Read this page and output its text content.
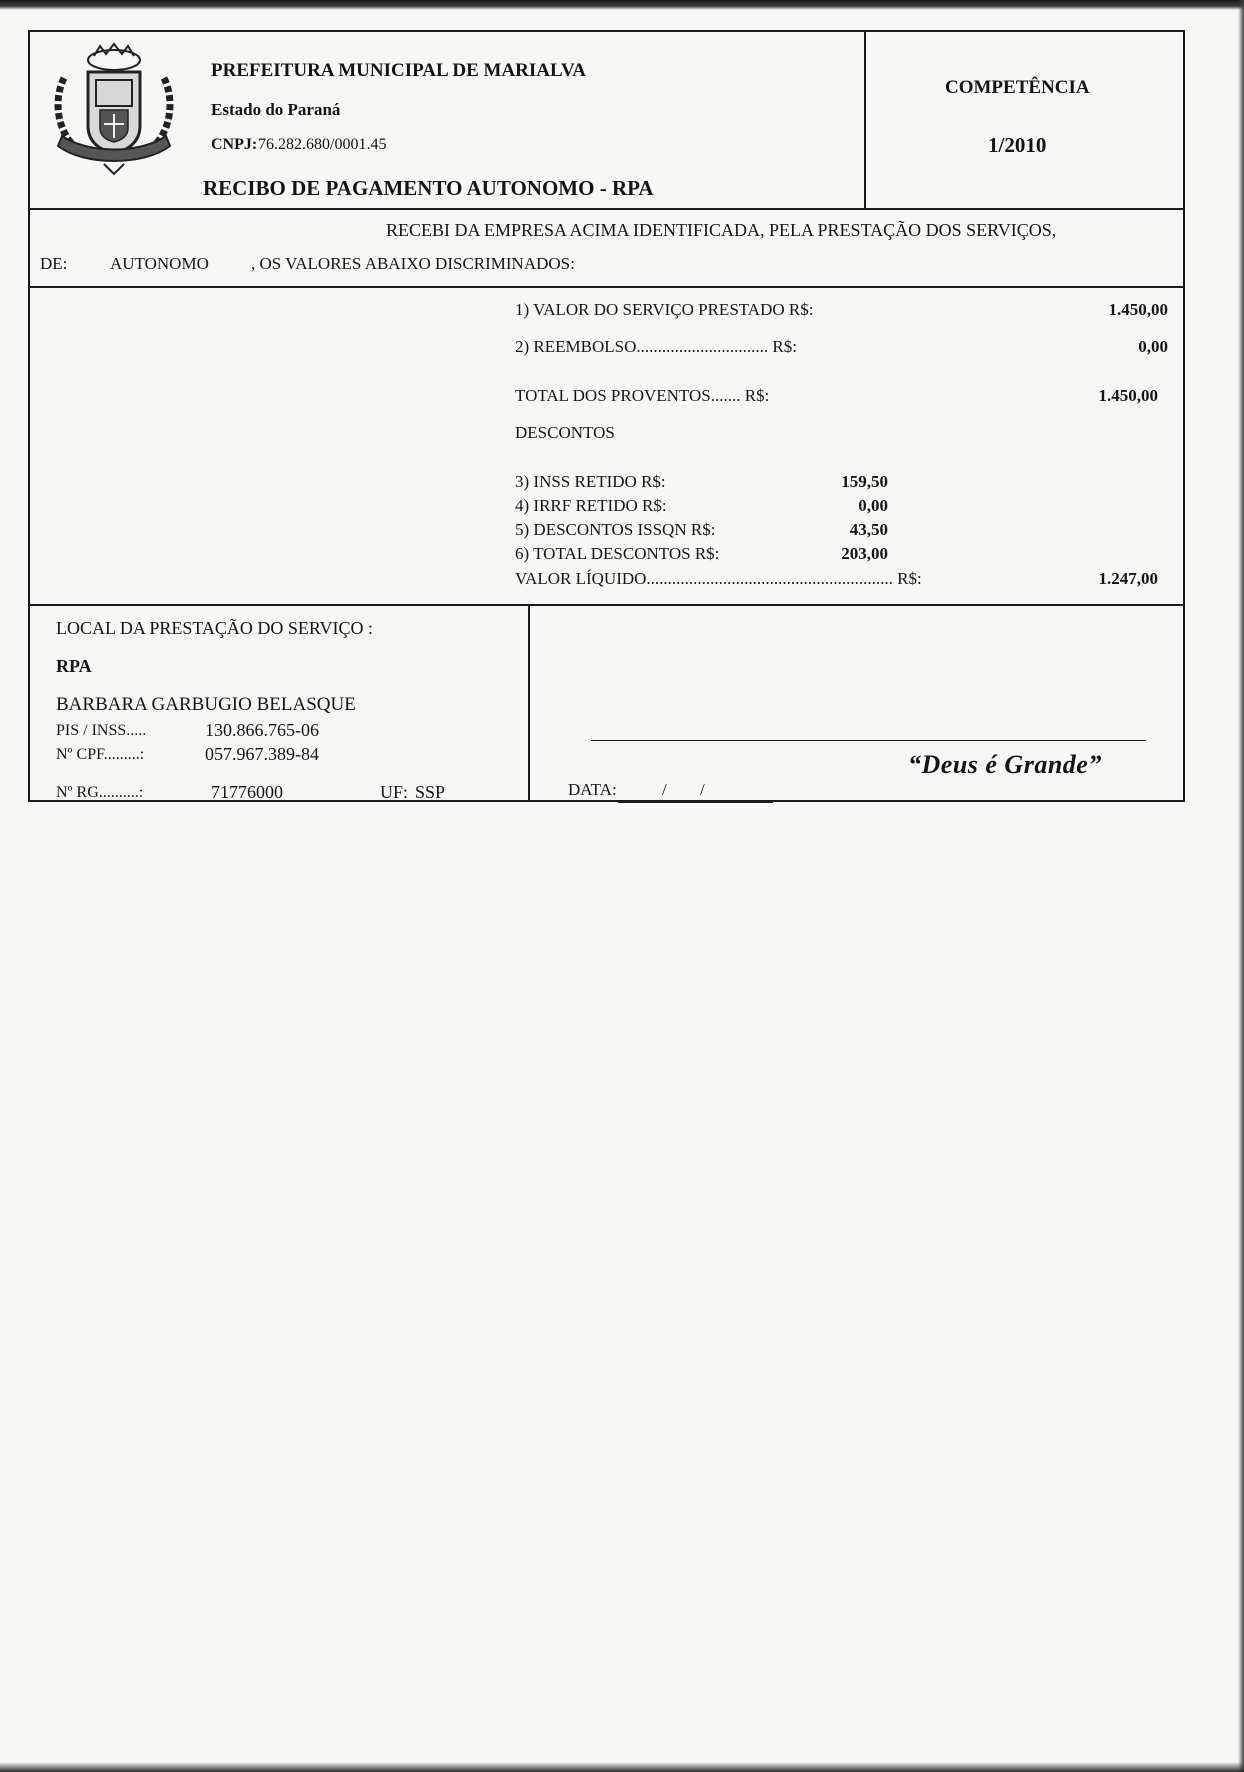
PREFEITURA MUNICIPAL DE MARIALVA
Estado do Paraná
CNPJ: 76.282.680/0001.45
RECIBO DE PAGAMENTO AUTONOMO - RPA
COMPETÊNCIA
1/2010
RECEBI DA EMPRESA ACIMA IDENTIFICADA, PELA PRESTAÇÃO DOS SERVIÇOS,
DE:	AUTONOMO , OS VALORES ABAIXO DISCRIMINADOS:
1) VALOR DO SERVIÇO PRESTADO R$:	1.450,00
2) REEMBOLSO............................... R$:	0,00
TOTAL DOS PROVENTOS....... R$:	1.450,00
DESCONTOS
3) INSS RETIDO R$:	159,50
4) IRRF RETIDO R$:	0,00
5) DESCONTOS ISSQN R$:	43,50
6) TOTAL DESCONTOS R$:	203,00
VALOR LÍQUIDO.......................................................... R$:	1.247,00
LOCAL DA PRESTAÇÃO DO SERVIÇO :
RPA
BARBARA GARBUGIO BELASQUE
PIS / INSS.....	130.866.765-06
Nº CPF.........:	057.967.389-84
Nº RG..........:	71776000	UF: SSP	DATA:	/ /
“Deus é Grande”
